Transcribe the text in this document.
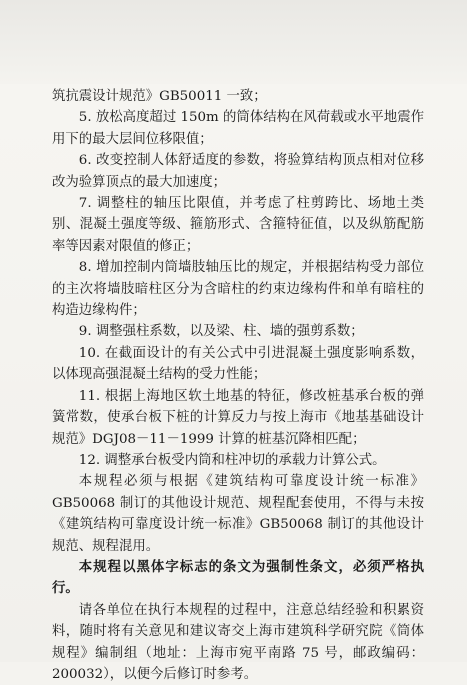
筑抗震设计规范》GB50011 一致；

5. 放松高度超过 150m 的筒体结构在风荷载或水平地震作用下的最大层间位移限值；

6. 改变控制人体舒适度的参数，将验算结构顶点相对位移改为验算顶点的最大加速度；

7. 调整柱的轴压比限值，并考虑了柱剪跨比、场地土类别、混凝土强度等级、箍筋形式、含箍特征值，以及纵筋配筋率等因素对限值的修正；

8. 增加控制内筒墙肢轴压比的规定，并根据结构受力部位的主次将墙肢暗柱区分为含暗柱的约束边缘构件和单有暗柱的构造边缘构件；

9. 调整强柱系数，以及梁、柱、墙的强剪系数；

10. 在截面设计的有关公式中引进混凝土强度影响系数，以体现高强混凝土结构的受力性能；

11. 根据上海地区软土地基的特征，修改桩基承台板的弹簧常数，使承台板下桩的计算反力与按上海市《地基基础设计规范》DGJ08－11－1999 计算的桩基沉降相匹配；

12. 调整承台板受内筒和柱冲切的承载力计算公式。

本规程必须与根据《建筑结构可靠度设计统一标准》GB50068 制订的其他设计规范、规程配套使用，不得与未按《建筑结构可靠度设计统一标准》GB50068 制订的其他设计规范、规程混用。

本规程以黑体字标志的条文为强制性条文，必须严格执行。

请各单位在执行本规程的过程中，注意总结经验和积累资料，随时将有关意见和建议寄交上海市建筑科学研究院《筒体规程》编制组（地址：上海市宛平南路 75 号，邮政编码：200032），以便今后修订时参考。
